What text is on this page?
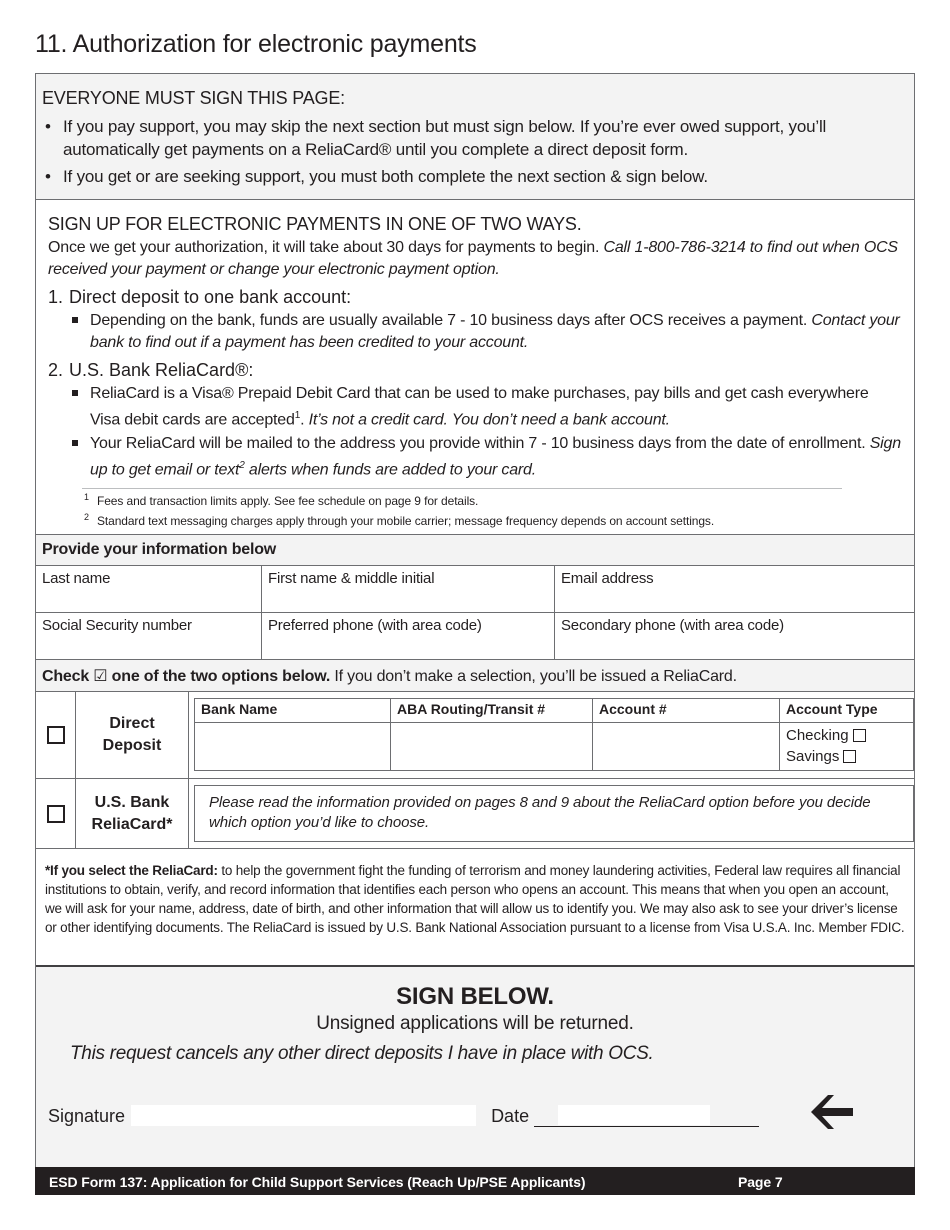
11. Authorization for electronic payments
EVERYONE MUST SIGN THIS PAGE:
• If you pay support, you may skip the next section but must sign below. If you’re ever owed support, you’ll automatically get payments on a ReliaCard® until you complete a direct deposit form.
• If you get or are seeking support, you must both complete the next section & sign below.
SIGN UP FOR ELECTRONIC PAYMENTS IN ONE OF TWO WAYS.
Once we get your authorization, it will take about 30 days for payments to begin. Call 1-800-786-3214 to find out when OCS received your payment or change your electronic payment option.
1. Direct deposit to one bank account:
Depending on the bank, funds are usually available 7 - 10 business days after OCS receives a payment. Contact your bank to find out if a payment has been credited to your account.
2. U.S. Bank ReliaCard®:
ReliaCard is a Visa® Prepaid Debit Card that can be used to make purchases, pay bills and get cash everywhere Visa debit cards are accepted$^1$. It’s not a credit card. You don’t need a bank account.
Your ReliaCard will be mailed to the address you provide within 7 - 10 business days from the date of enrollment. Sign up to get email or text$^2$ alerts when funds are added to your card.
1 Fees and transaction limits apply. See fee schedule on page 9 for details.
2 Standard text messaging charges apply through your mobile carrier; message frequency depends on account settings.
Provide your information below
Last name	First name & middle initial	Email address
Social Security number	Preferred phone (with area code)	Secondary phone (with area code)
Check ☑ one of the two options below. If you don’t make a selection, you’ll be issued a ReliaCard.
Direct
Deposit
Bank Name	ABA Routing/Transit #	Account #	Account Type
Checking
Savings
U.S. Bank
ReliaCard*
Please read the information provided on pages 8 and 9 about the ReliaCard option before you decide which option you’d like to choose.
*If you select the ReliaCard: to help the government fight the funding of terrorism and money laundering activities, Federal law requires all financial institutions to obtain, verify, and record information that identifies each person who opens an account. This means that when you open an account, we will ask for your name, address, date of birth, and other information that will allow us to identify you. We may also ask to see your driver’s license or other identifying documents. The ReliaCard is issued by U.S. Bank National Association pursuant to a license from Visa U.S.A. Inc. Member FDIC.
SIGN BELOW.
Unsigned applications will be returned.
This request cancels any other direct deposits I have in place with OCS.
Signature	Date
ESD Form 137: Application for Child Support Services (Reach Up/PSE Applicants)	Page 7
